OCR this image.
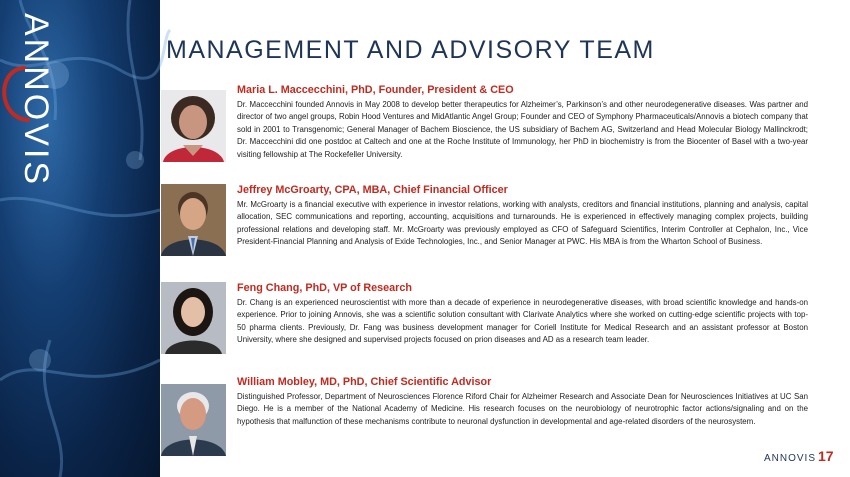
ANNOVIS	MANAGEMENT AND ADVISORY TEAM
Maria L. Maccecchini, PhD, Founder, President & CEO

Dr. Maccecchini founded Annovis in May 2008 to develop better therapeutics for Alzheimer’s, Parkinson’s and other neurodegenerative diseases. Was partner and director of two angel groups, Robin Hood Ventures and MidAtlantic Angel Group; Founder and CEO of Symphony Pharmaceuticals/Annovis a biotech company that sold in 2001 to Transgenomic; General Manager of Bachem Bioscience, the US subsidiary of Bachem AG, Switzerland and Head Molecular Biology Mallinckrodt; Dr. Maccecchini did one postdoc at Caltech and one at the Roche Institute of Immunology, her PhD in biochemistry is from the Biocenter of Basel with a two-year visiting fellowship at The Rockefeller University.

Jeffrey McGroarty, CPA, MBA, Chief Financial Officer

Mr. McGroarty is a financial executive with experience in investor relations, working with analysts, creditors and financial institutions, planning and analysis, capital allocation, SEC communications and reporting, accounting, acquisitions and turnarounds. He is experienced in effectively managing complex projects, building professional relations and developing staff. Mr. McGroarty was previously employed as CFO of Safeguard Scientifics, Interim Controller at Cephalon, Inc., Vice President-Financial Planning and Analysis of Exide Technologies, Inc., and Senior Manager at PWC. His MBA is from the Wharton School of Business.

Feng Chang, PhD, VP of Research

Dr. Chang is an experienced neuroscientist with more than a decade of experience in neurodegenerative diseases, with broad scientific knowledge and hands-on experience. Prior to joining Annovis, she was a scientific solution consultant with Clarivate Analytics where she worked on cutting-edge scientific projects with top-50 pharma clients. Previously, Dr. Fang was business development manager for Coriell Institute for Medical Research and an assistant professor at Boston University, where she designed and supervised projects focused on prion diseases and AD as a research team leader.

William Mobley, MD, PhD, Chief Scientific Advisor

Distinguished Professor, Department of Neurosciences Florence Riford Chair for Alzheimer Research and Associate Dean for Neurosciences Initiatives at UC San Diego. He is a member of the National Academy of Medicine. His research focuses on the neurobiology of neurotrophic factor actions/signaling and on the hypothesis that malfunction of these mechanisms contribute to neuronal dysfunction in developmental and age-related disorders of the neurosystem.

ANNOVIS 17
